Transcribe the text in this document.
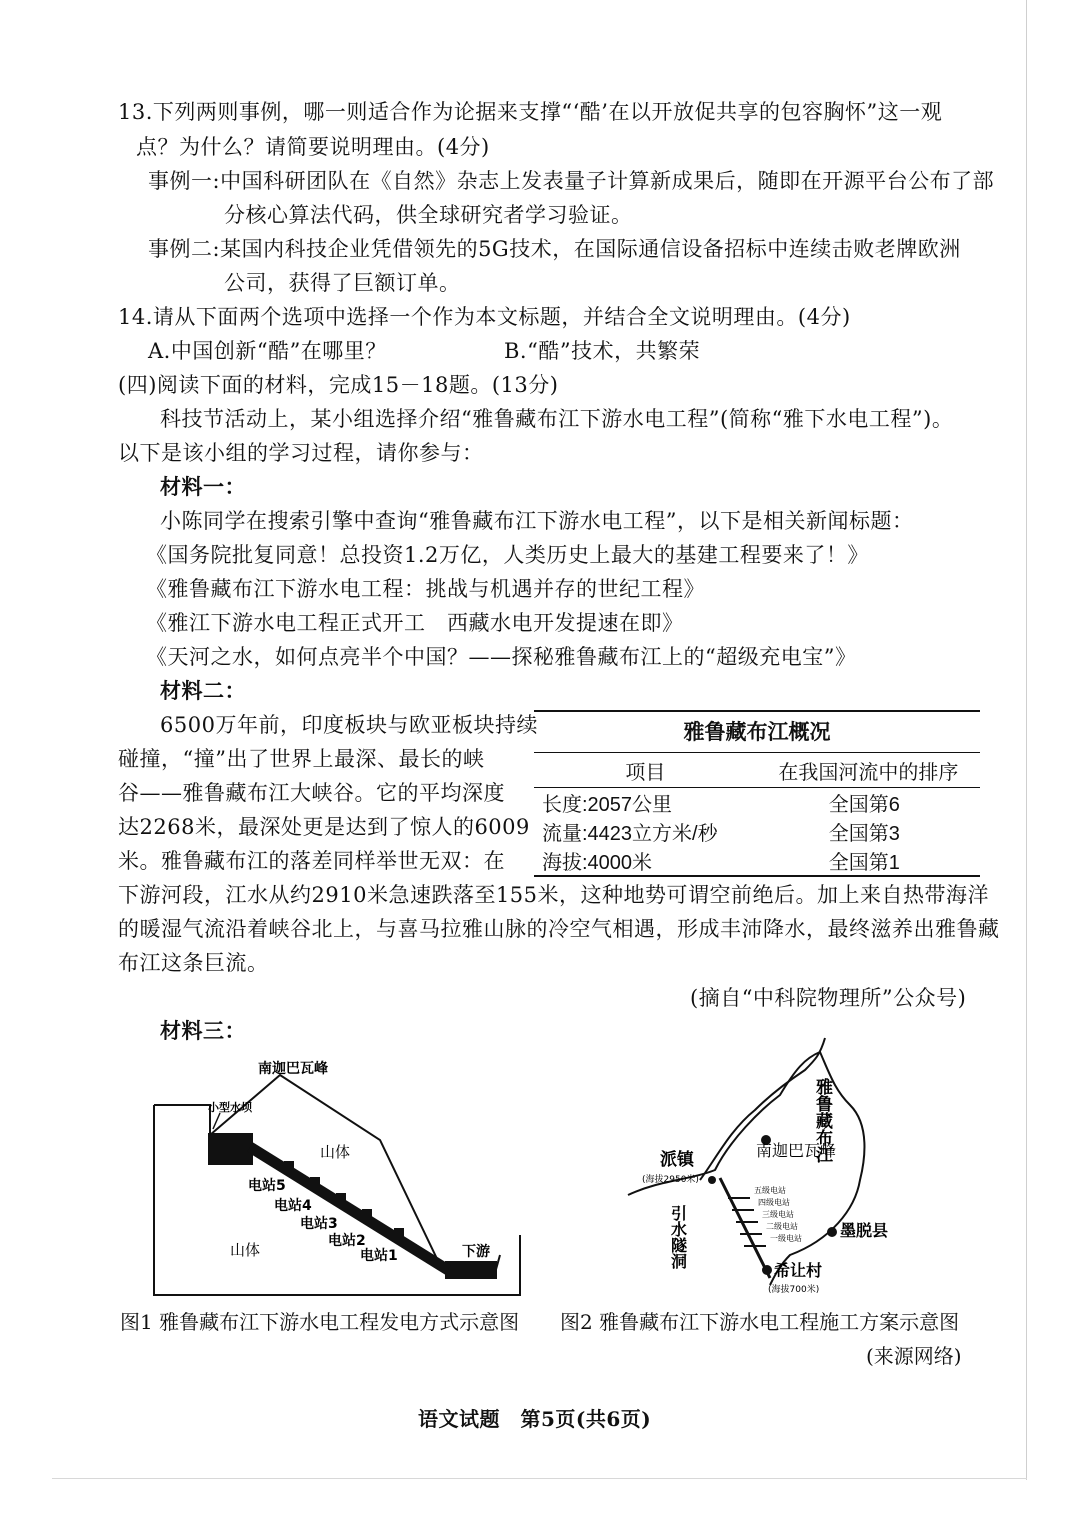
13.下列两则事例，哪一则适合作为论据来支撑“‘酷’在以开放促共享的包容胸怀”这一观
点？为什么？请简要说明理由。(4分)
事例一:中国科研团队在《自然》杂志上发表量子计算新成果后，随即在开源平台公布了部
分核心算法代码，供全球研究者学习验证。
事例二:某国内科技企业凭借领先的5G技术，在国际通信设备招标中连续击败老牌欧洲
公司，获得了巨额订单。
14.请从下面两个选项中选择一个作为本文标题，并结合全文说明理由。(4分)
A.中国创新“酷”在哪里？	B.“酷”技术，共繁荣
(四)阅读下面的材料，完成15－18题。(13分)
科技节活动上，某小组选择介绍“雅鲁藏布江下游水电工程”(简称“雅下水电工程”)。
以下是该小组的学习过程，请你参与：
材料一：
小陈同学在搜索引擎中查询“雅鲁藏布江下游水电工程”，以下是相关新闻标题：
《国务院批复同意！总投资1.2万亿，人类历史上最大的基建工程要来了！》
《雅鲁藏布江下游水电工程：挑战与机遇并存的世纪工程》
《雅江下游水电工程正式开工　西藏水电开发提速在即》
《天河之水，如何点亮半个中国？——探秘雅鲁藏布江上的“超级充电宝”》
材料二：
6500万年前，印度板块与欧亚板块持续
碰撞，“撞”出了世界上最深、最长的峡
谷——雅鲁藏布江大峡谷。它的平均深度
达2268米，最深处更是达到了惊人的6009
米。雅鲁藏布江的落差同样举世无双：在
下游河段，江水从约2910米急速跌落至155米，这种地势可谓空前绝后。加上来自热带海洋
的暖湿气流沿着峡谷北上，与喜马拉雅山脉的冷空气相遇，形成丰沛降水，最终滋养出雅鲁藏
布江这条巨流。
(摘自“中科院物理所”公众号)
雅鲁藏布江概况
项目	在我国河流中的排序
长度:2057公里	全国第6
流量:4423立方米/秒	全国第3
海拔:4000米	全国第1
材料三：
南迦巴瓦峰
小型水坝
山体
山体
电站5
电站4
电站3
电站2
电站1	下游
图1 雅鲁藏布江下游水电工程发电方式示意图
雅鲁藏布江
南迦巴瓦峰
派镇
(海拔2950米)
墨脱县
希让村
(海拔700米)
引水隧洞
五级电站
四级电站
三级电站
二级电站
一级电站
图2 雅鲁藏布江下游水电工程施工方案示意图
(来源网络)
语文试题　第5页(共6页)
